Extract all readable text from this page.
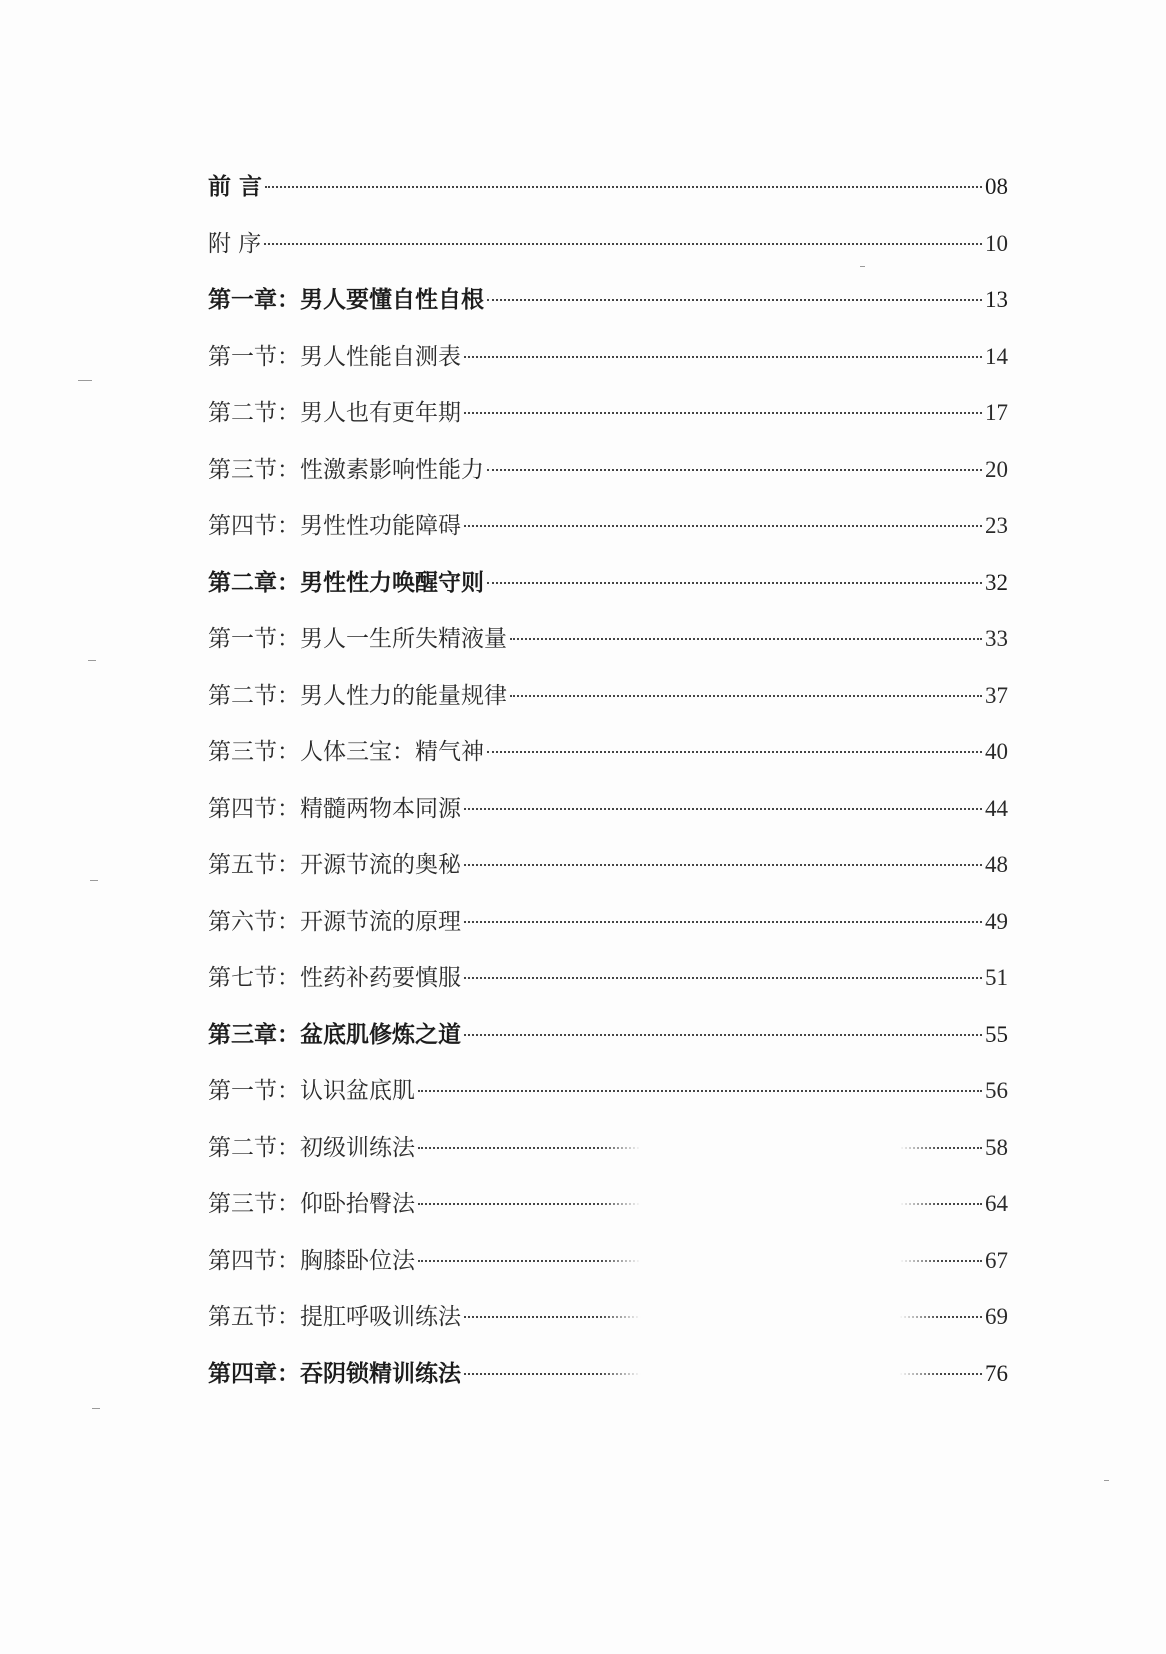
前 言	08
附 序	10
第一章：男人要懂自性自根	13
第一节：男人性能自测表	14
第二节：男人也有更年期	17
第三节：性激素影响性能力	20
第四节：男性性功能障碍	23
第二章：男性性力唤醒守则	32
第一节：男人一生所失精液量	33
第二节：男人性力的能量规律	37
第三节：人体三宝：精气神	40
第四节：精髓两物本同源	44
第五节：开源节流的奥秘	48
第六节：开源节流的原理	49
第七节：性药补药要慎服	51
第三章：盆底肌修炼之道	55
第一节：认识盆底肌	56
第二节：初级训练法	58
第三节：仰卧抬臀法	64
第四节：胸膝卧位法	67
第五节：提肛呼吸训练法	69
第四章：吞阴锁精训练法	76
